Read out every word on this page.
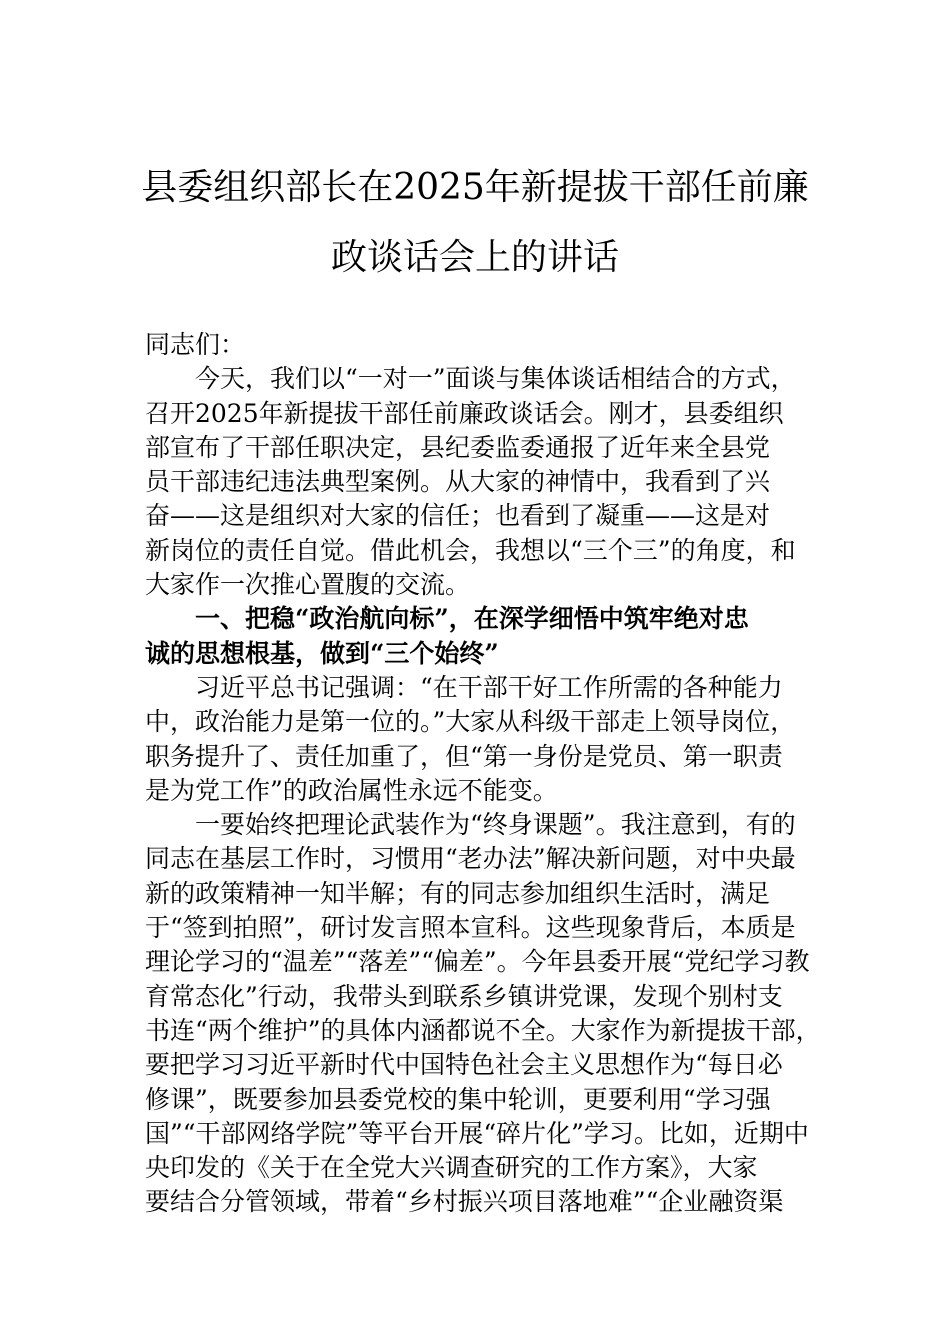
县委组织部长在2025年新提拔干部任前廉
政谈话会上的讲话
同志们：
今天，我们以“一对一”面谈与集体谈话相结合的方式，
召开2025年新提拔干部任前廉政谈话会。刚才，县委组织
部宣布了干部任职决定，县纪委监委通报了近年来全县党
员干部违纪违法典型案例。从大家的神情中，我看到了兴
奋——这是组织对大家的信任；也看到了凝重——这是对
新岗位的责任自觉。借此机会，我想以“三个三”的角度，和
大家作一次推心置腹的交流。
一、把稳“政治航向标”，在深学细悟中筑牢绝对忠
诚的思想根基，做到“三个始终”
习近平总书记强调：“在干部干好工作所需的各种能力
中，政治能力是第一位的。”大家从科级干部走上领导岗位，
职务提升了、责任加重了，但“第一身份是党员、第一职责
是为党工作”的政治属性永远不能变。
一要始终把理论武装作为“终身课题”。我注意到，有的
同志在基层工作时，习惯用“老办法”解决新问题，对中央最
新的政策精神一知半解；有的同志参加组织生活时，满足
于“签到拍照”，研讨发言照本宣科。这些现象背后，本质是
理论学习的“温差”“落差”“偏差”。今年县委开展“党纪学习教
育常态化”行动，我带头到联系乡镇讲党课，发现个别村支
书连“两个维护”的具体内涵都说不全。大家作为新提拔干部，
要把学习习近平新时代中国特色社会主义思想作为“每日必
修课”，既要参加县委党校的集中轮训，更要利用“学习强
国”“干部网络学院”等平台开展“碎片化”学习。比如，近期中
央印发的《关于在全党大兴调查研究的工作方案》，大家
要结合分管领域，带着“乡村振兴项目落地难”“企业融资渠
